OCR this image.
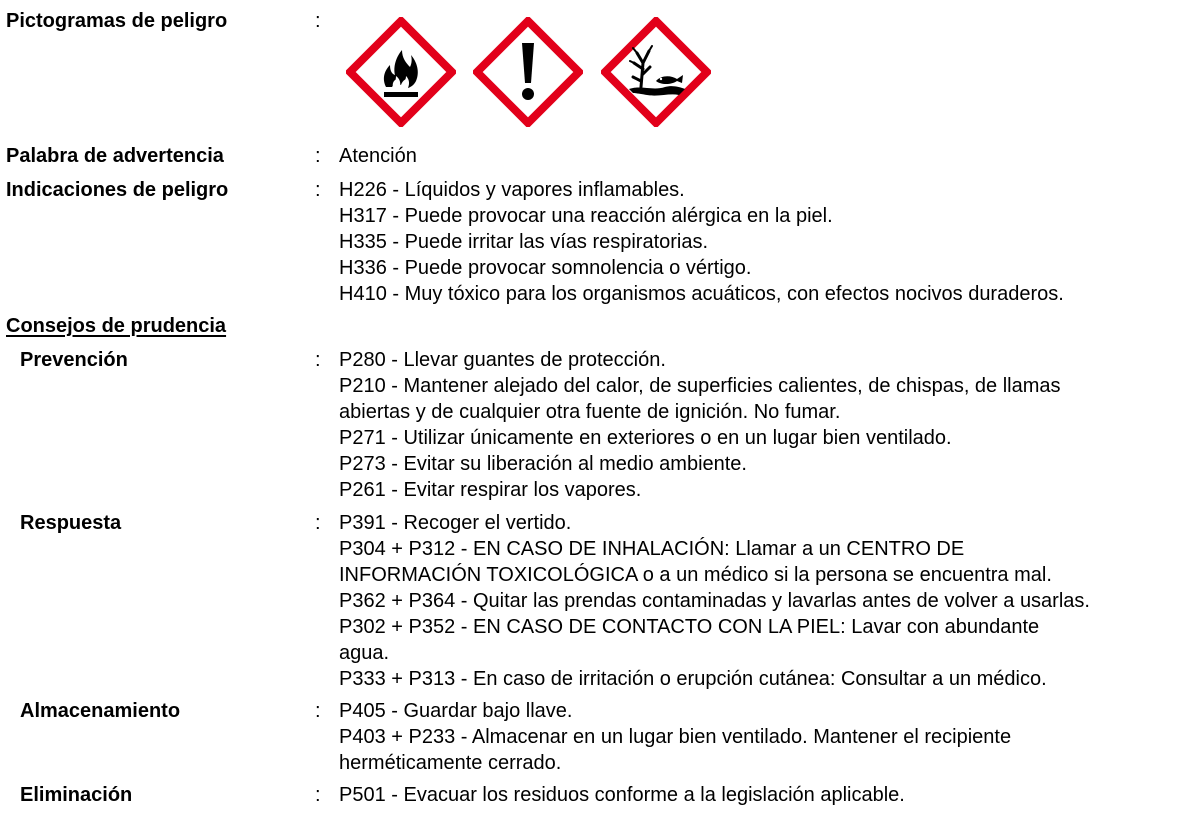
Pictogramas de peligro	:
Palabra de advertencia	: Atención
Indicaciones de peligro	: H226 - Líquidos y vapores inflamables.
H317 - Puede provocar una reacción alérgica en la piel.
H335 - Puede irritar las vías respiratorias.
H336 - Puede provocar somnolencia o vértigo.
H410 - Muy tóxico para los organismos acuáticos, con efectos nocivos duraderos.
Consejos de prudencia
Prevención	: P280 - Llevar guantes de protección.
P210 - Mantener alejado del calor, de superficies calientes, de chispas, de llamas
abiertas y de cualquier otra fuente de ignición. No fumar.
P271 - Utilizar únicamente en exteriores o en un lugar bien ventilado.
P273 - Evitar su liberación al medio ambiente.
P261 - Evitar respirar los vapores.
Respuesta	: P391 - Recoger el vertido.
P304 + P312 - EN CASO DE INHALACIÓN: Llamar a un CENTRO DE
INFORMACIÓN TOXICOLÓGICA o a un médico si la persona se encuentra mal.
P362 + P364 - Quitar las prendas contaminadas y lavarlas antes de volver a usarlas.
P302 + P352 - EN CASO DE CONTACTO CON LA PIEL: Lavar con abundante
agua.
P333 + P313 - En caso de irritación o erupción cutánea: Consultar a un médico.
Almacenamiento	: P405 - Guardar bajo llave.
P403 + P233 - Almacenar en un lugar bien ventilado. Mantener el recipiente
herméticamente cerrado.
Eliminación	: P501 - Evacuar los residuos conforme a la legislación aplicable.
